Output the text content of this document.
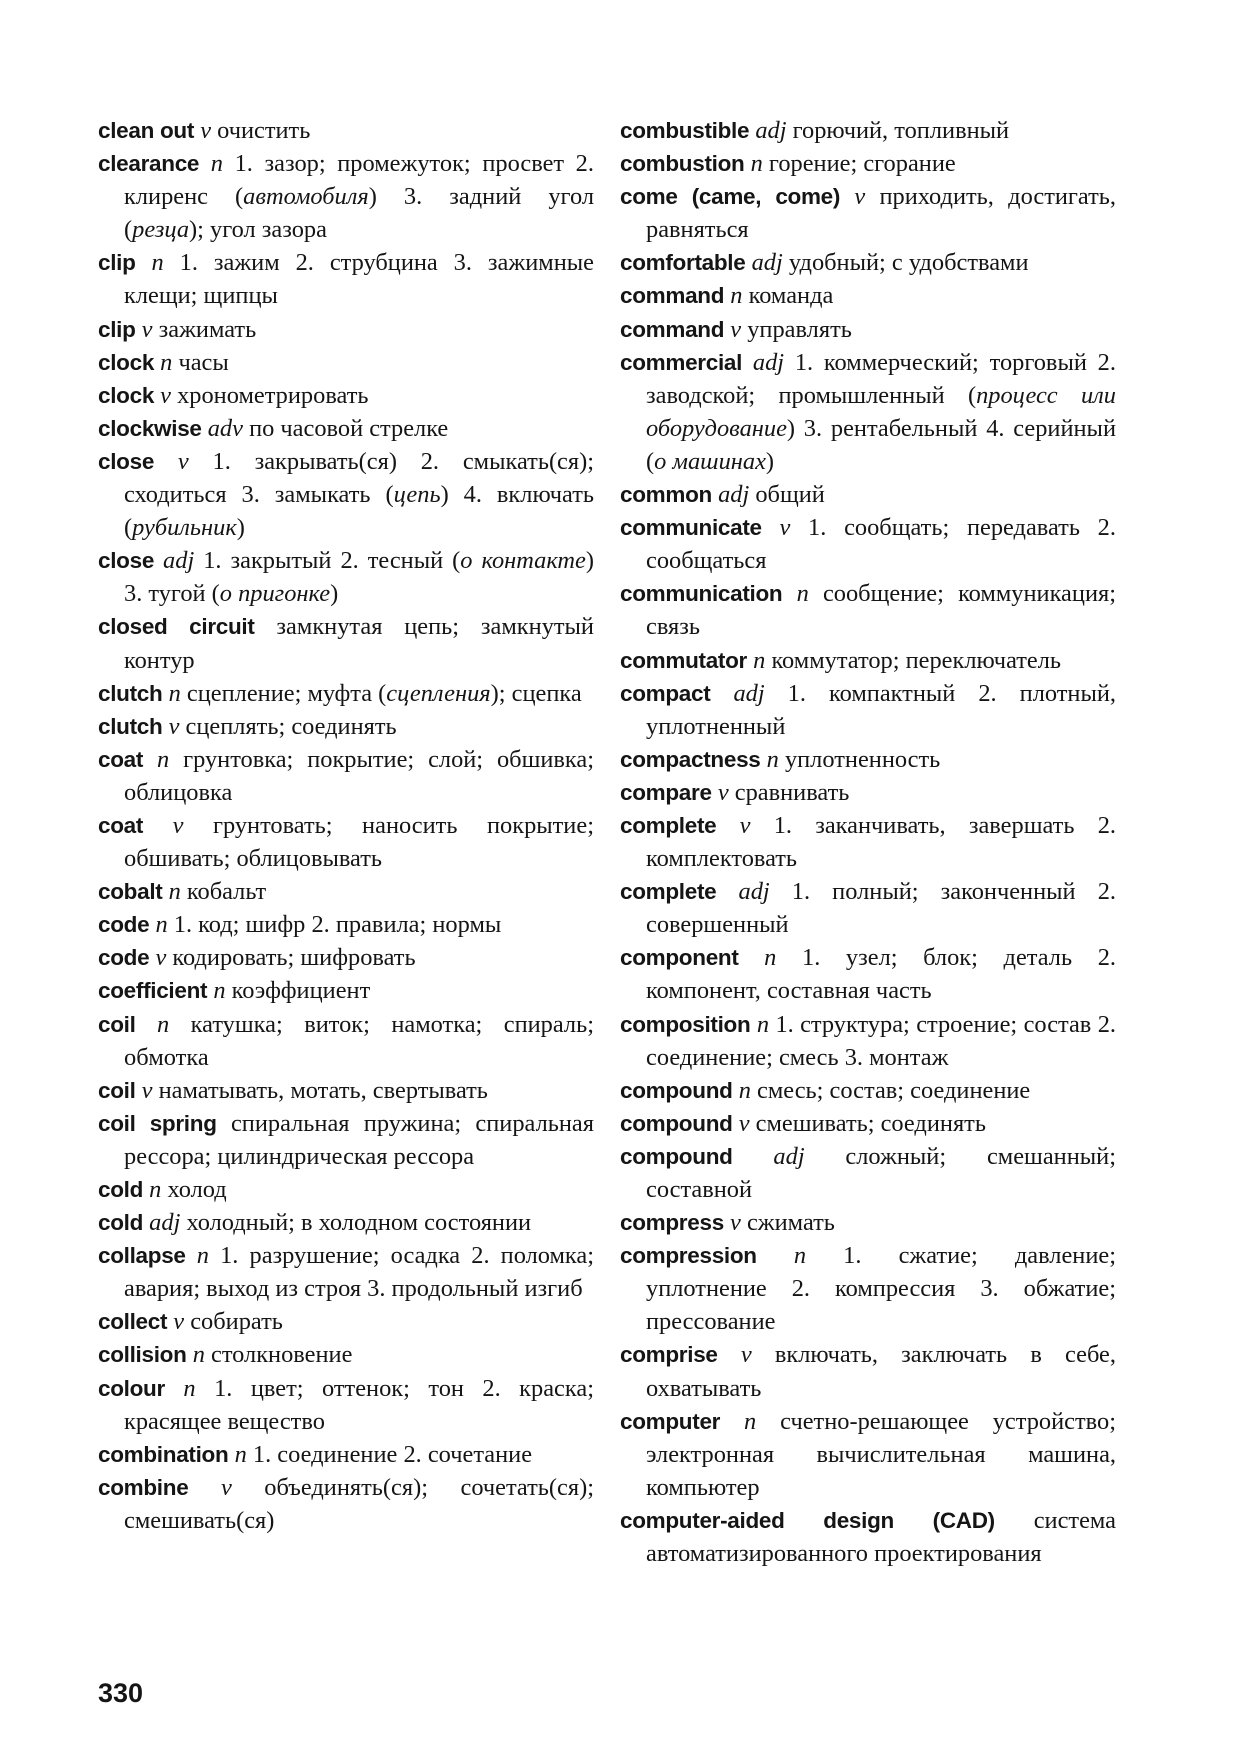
clean out v очистить

clearance n 1. зазор; промежуток; просвет 2. клиренс (автомобиля) 3. задний угол (резца); угол зазора

clip n 1. зажим 2. струбцина 3. зажимные клещи; щипцы

clip v зажимать

clock n часы

clock v хронометрировать

clockwise adv по часовой стрелке

close v 1. закрывать(ся) 2. смыкать(ся); сходиться 3. замыкать (цепь) 4. включать (рубильник)

close adj 1. закрытый 2. тесный (о контакте) 3. тугой (о пригонке)

closed circuit замкнутая цепь; замкнутый контур

clutch n сцепление; муфта (сцепления); сцепка

clutch v сцеплять; соединять

coat n грунтовка; покрытие; слой; обшивка; облицовка

coat v грунтовать; наносить покрытие; обшивать; облицовывать

cobalt n кобальт

code n 1. код; шифр 2. правила; нормы

code v кодировать; шифровать

coefficient n коэффициент

coil n катушка; виток; намотка; спираль; обмотка

coil v наматывать, мотать, свертывать

coil spring спиральная пружина; спиральная рессора; цилиндрическая рессора

cold n холод

cold adj холодный; в холодном состоянии

collapse n 1. разрушение; осадка 2. поломка; авария; выход из строя 3. продольный изгиб

collect v собирать

collision n столкновение

colour n 1. цвет; оттенок; тон 2. краска; красящее вещество

combination n 1. соединение 2. сочетание

combine v объединять(ся); сочетать(ся); смешивать(ся)

combustible adj горючий, топливный

combustion n горение; сгорание

come (came, come) v приходить, достигать, равняться

comfortable adj удобный; с удобствами

command n команда

command v управлять

commercial adj 1. коммерческий; торговый 2. заводской; промышленный (процесс или оборудование) 3. рентабельный 4. серийный (о машинах)

common adj общий

communicate v 1. сообщать; передавать 2. сообщаться

communication n сообщение; коммуникация; связь

commutator n коммутатор; переключатель

compact adj 1. компактный 2. плотный, уплотненный

compactness n уплотненность

compare v сравнивать

complete v 1. заканчивать, завершать 2. комплектовать

complete adj 1. полный; законченный 2. совершенный

component n 1. узел; блок; деталь 2. компонент, составная часть

composition n 1. структура; строение; состав 2. соединение; смесь 3. монтаж

compound n смесь; состав; соединение

compound v смешивать; соединять

compound adj сложный; смешанный; составной

compress v сжимать

compression n 1. сжатие; давление; уплотнение 2. компрессия 3. обжатие; прессование

comprise v включать, заключать в себе, охватывать

computer n счетно-решающее устройство; электронная вычислительная машина, компьютер

computer-aided design (CAD) система автоматизированного проектирования

330
